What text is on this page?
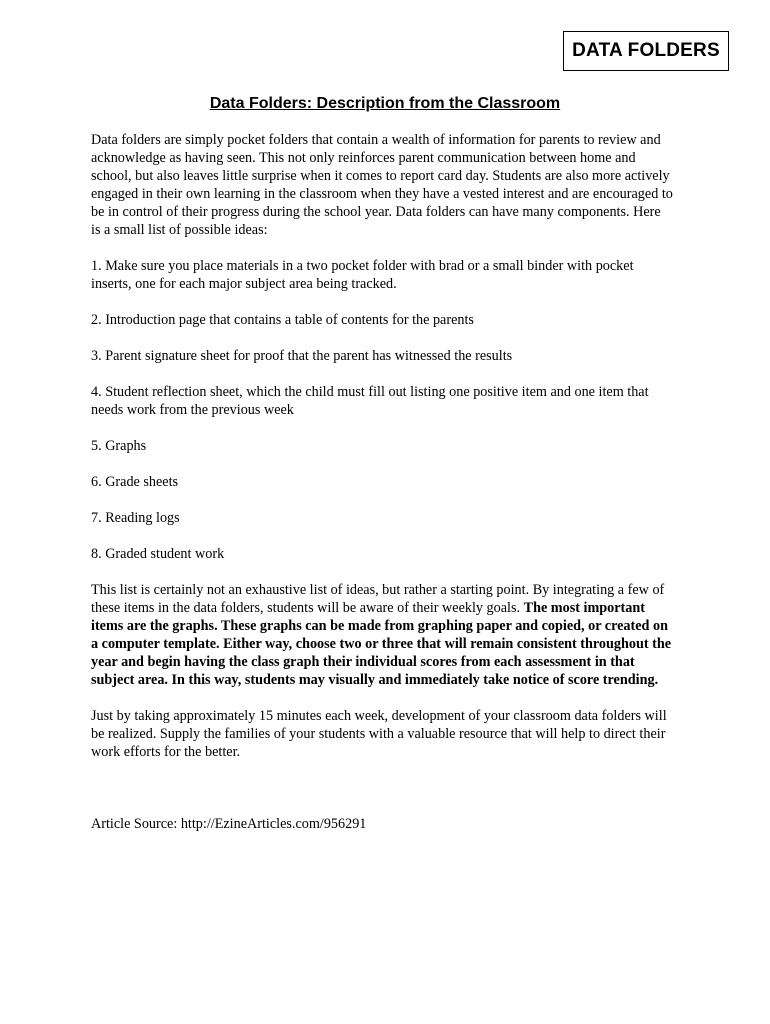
DATA FOLDERS
Data Folders: Description from the Classroom

Data folders are simply pocket folders that contain a wealth of information for parents to review and acknowledge as having seen. This not only reinforces parent communication between home and school, but also leaves little surprise when it comes to report card day. Students are also more actively engaged in their own learning in the classroom when they have a vested interest and are encouraged to be in control of their progress during the school year. Data folders can have many components. Here is a small list of possible ideas:

1. Make sure you place materials in a two pocket folder with brad or a small binder with pocket inserts, one for each major subject area being tracked.

2. Introduction page that contains a table of contents for the parents

3. Parent signature sheet for proof that the parent has witnessed the results

4. Student reflection sheet, which the child must fill out listing one positive item and one item that needs work from the previous week

5. Graphs

6. Grade sheets

7. Reading logs

8. Graded student work

This list is certainly not an exhaustive list of ideas, but rather a starting point. By integrating a few of these items in the data folders, students will be aware of their weekly goals. The most important items are the graphs. These graphs can be made from graphing paper and copied, or created on a computer template. Either way, choose two or three that will remain consistent throughout the year and begin having the class graph their individual scores from each assessment in that subject area. In this way, students may visually and immediately take notice of score trending.

Just by taking approximately 15 minutes each week, development of your classroom data folders will be realized. Supply the families of your students with a valuable resource that will help to direct their work efforts for the better.

Article Source: http://EzineArticles.com/956291
